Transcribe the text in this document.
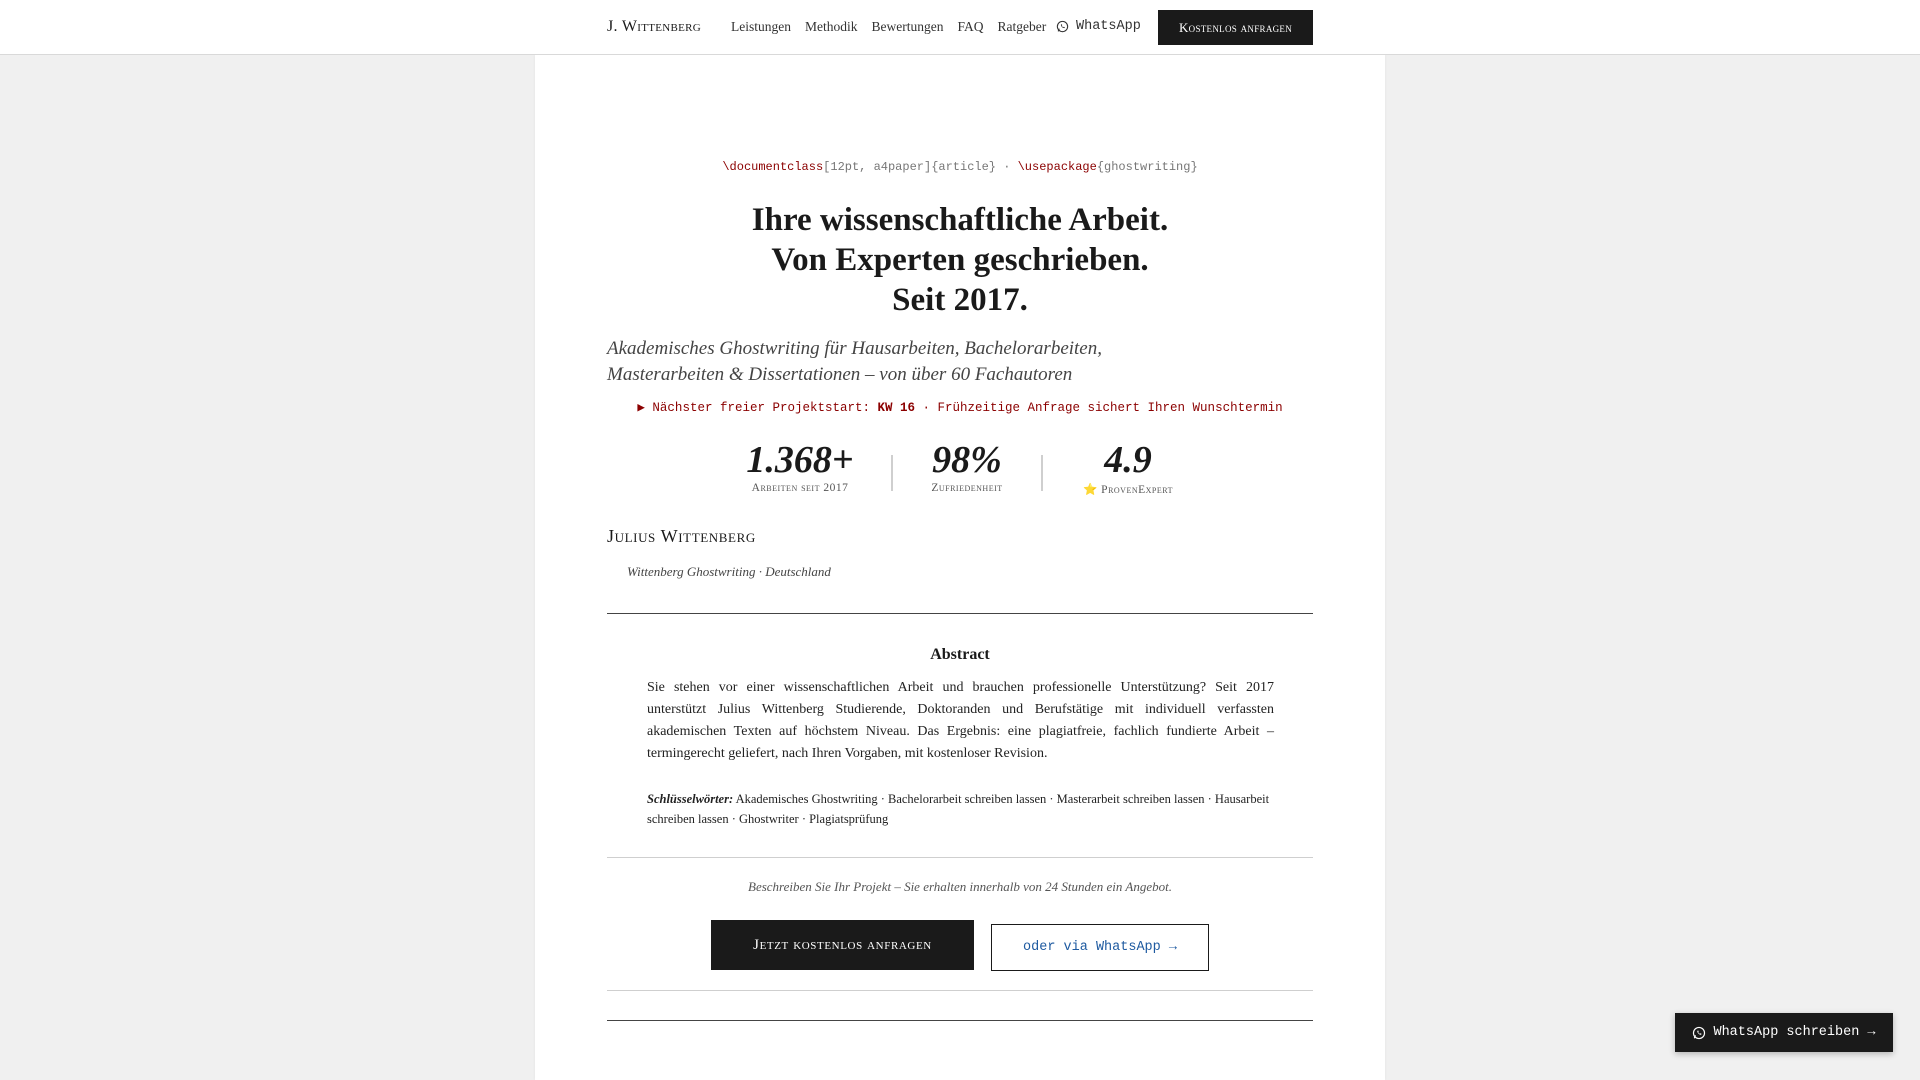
J. Wittenberg Leistungen Methodik Bewertungen FAQ Ratgeber WhatsApp	Kostenlos anfragen
\documentclass[12pt, a4paper]{article} · \usepackage{ghostwriting}
Ihre wissenschaftliche Arbeit.
Von Experten geschrieben.
Seit 2017.
Akademisches Ghostwriting für Hausarbeiten, Bachelorarbeiten, Masterarbeiten & Dissertationen – von über 60 Fachautoren
▶ Nächster freier Projektstart: KW 16 · Frühzeitige Anfrage sichert Ihren Wunschtermin
1.368+
Arbeiten seit 2017
98%
Zufriedenheit
4.9
⭐ ProvenExpert
Julius Wittenberg
Wittenberg Ghostwriting · Deutschland
Abstract

Sie stehen vor einer wissenschaftlichen Arbeit und brauchen professionelle Unterstützung? Seit 2017 unterstützt Julius Wittenberg Studierende, Doktoranden und Berufstätige mit individuell verfassten akademischen Texten auf höchstem Niveau. Das Ergebnis: eine plagiatfreie, fachlich fundierte Arbeit – termingerecht geliefert, nach Ihren Vorgaben, mit kostenloser Revision.

Schlüsselwörter: Akademisches Ghostwriting · Bachelorarbeit schreiben lassen · Masterarbeit schreiben lassen · Hausarbeit schreiben lassen · Ghostwriter · Plagiatsprüfung
Beschreiben Sie Ihr Projekt – Sie erhalten innerhalb von 24 Stunden ein Angebot.
Jetzt kostenlos anfragen	oder via WhatsApp →
WhatsApp schreiben →
